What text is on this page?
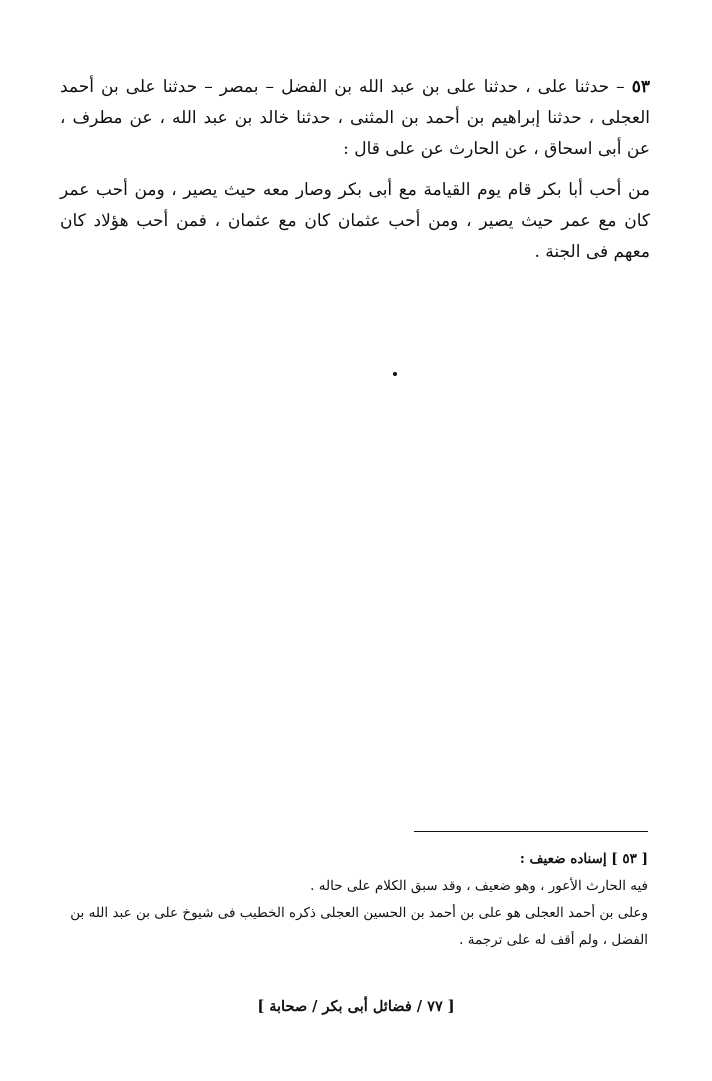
٥٣ – حدثنا على ، حدثنا على بن عبد الله بن الفضل – بمصر – حدثنا على بن أحمد العجلى ، حدثنا إبراهيم بن أحمد بن المثنى ، حدثنا خالد بن عبد الله ، عن مطرف ، عن أبى اسحاق ، عن الحارث عن على قال :

من أحب أبا بكر قام يوم القيامة مع أبى بكر وصار معه حيث يصير ، ومن أحب عمر كان مع عمر حيث يصير ، ومن أحب عثمان كان مع عثمان ، فمن أحب هؤلاد كان معهم فى الجنة .

[ ٥٣ ] إسناده ضعيف :

فيه الحارث الأعور ، وهو ضعيف ، وقد سبق الكلام على حاله .

وعلى بن أحمد العجلى هو على بن أحمد بن الحسين العجلى ذكره الخطيب فى شيوخ على بن عبد الله بن الفضل ، ولم أقف له على ترجمة .

[ ٧٧ / فضائل أبى بكر / صحابة ]
